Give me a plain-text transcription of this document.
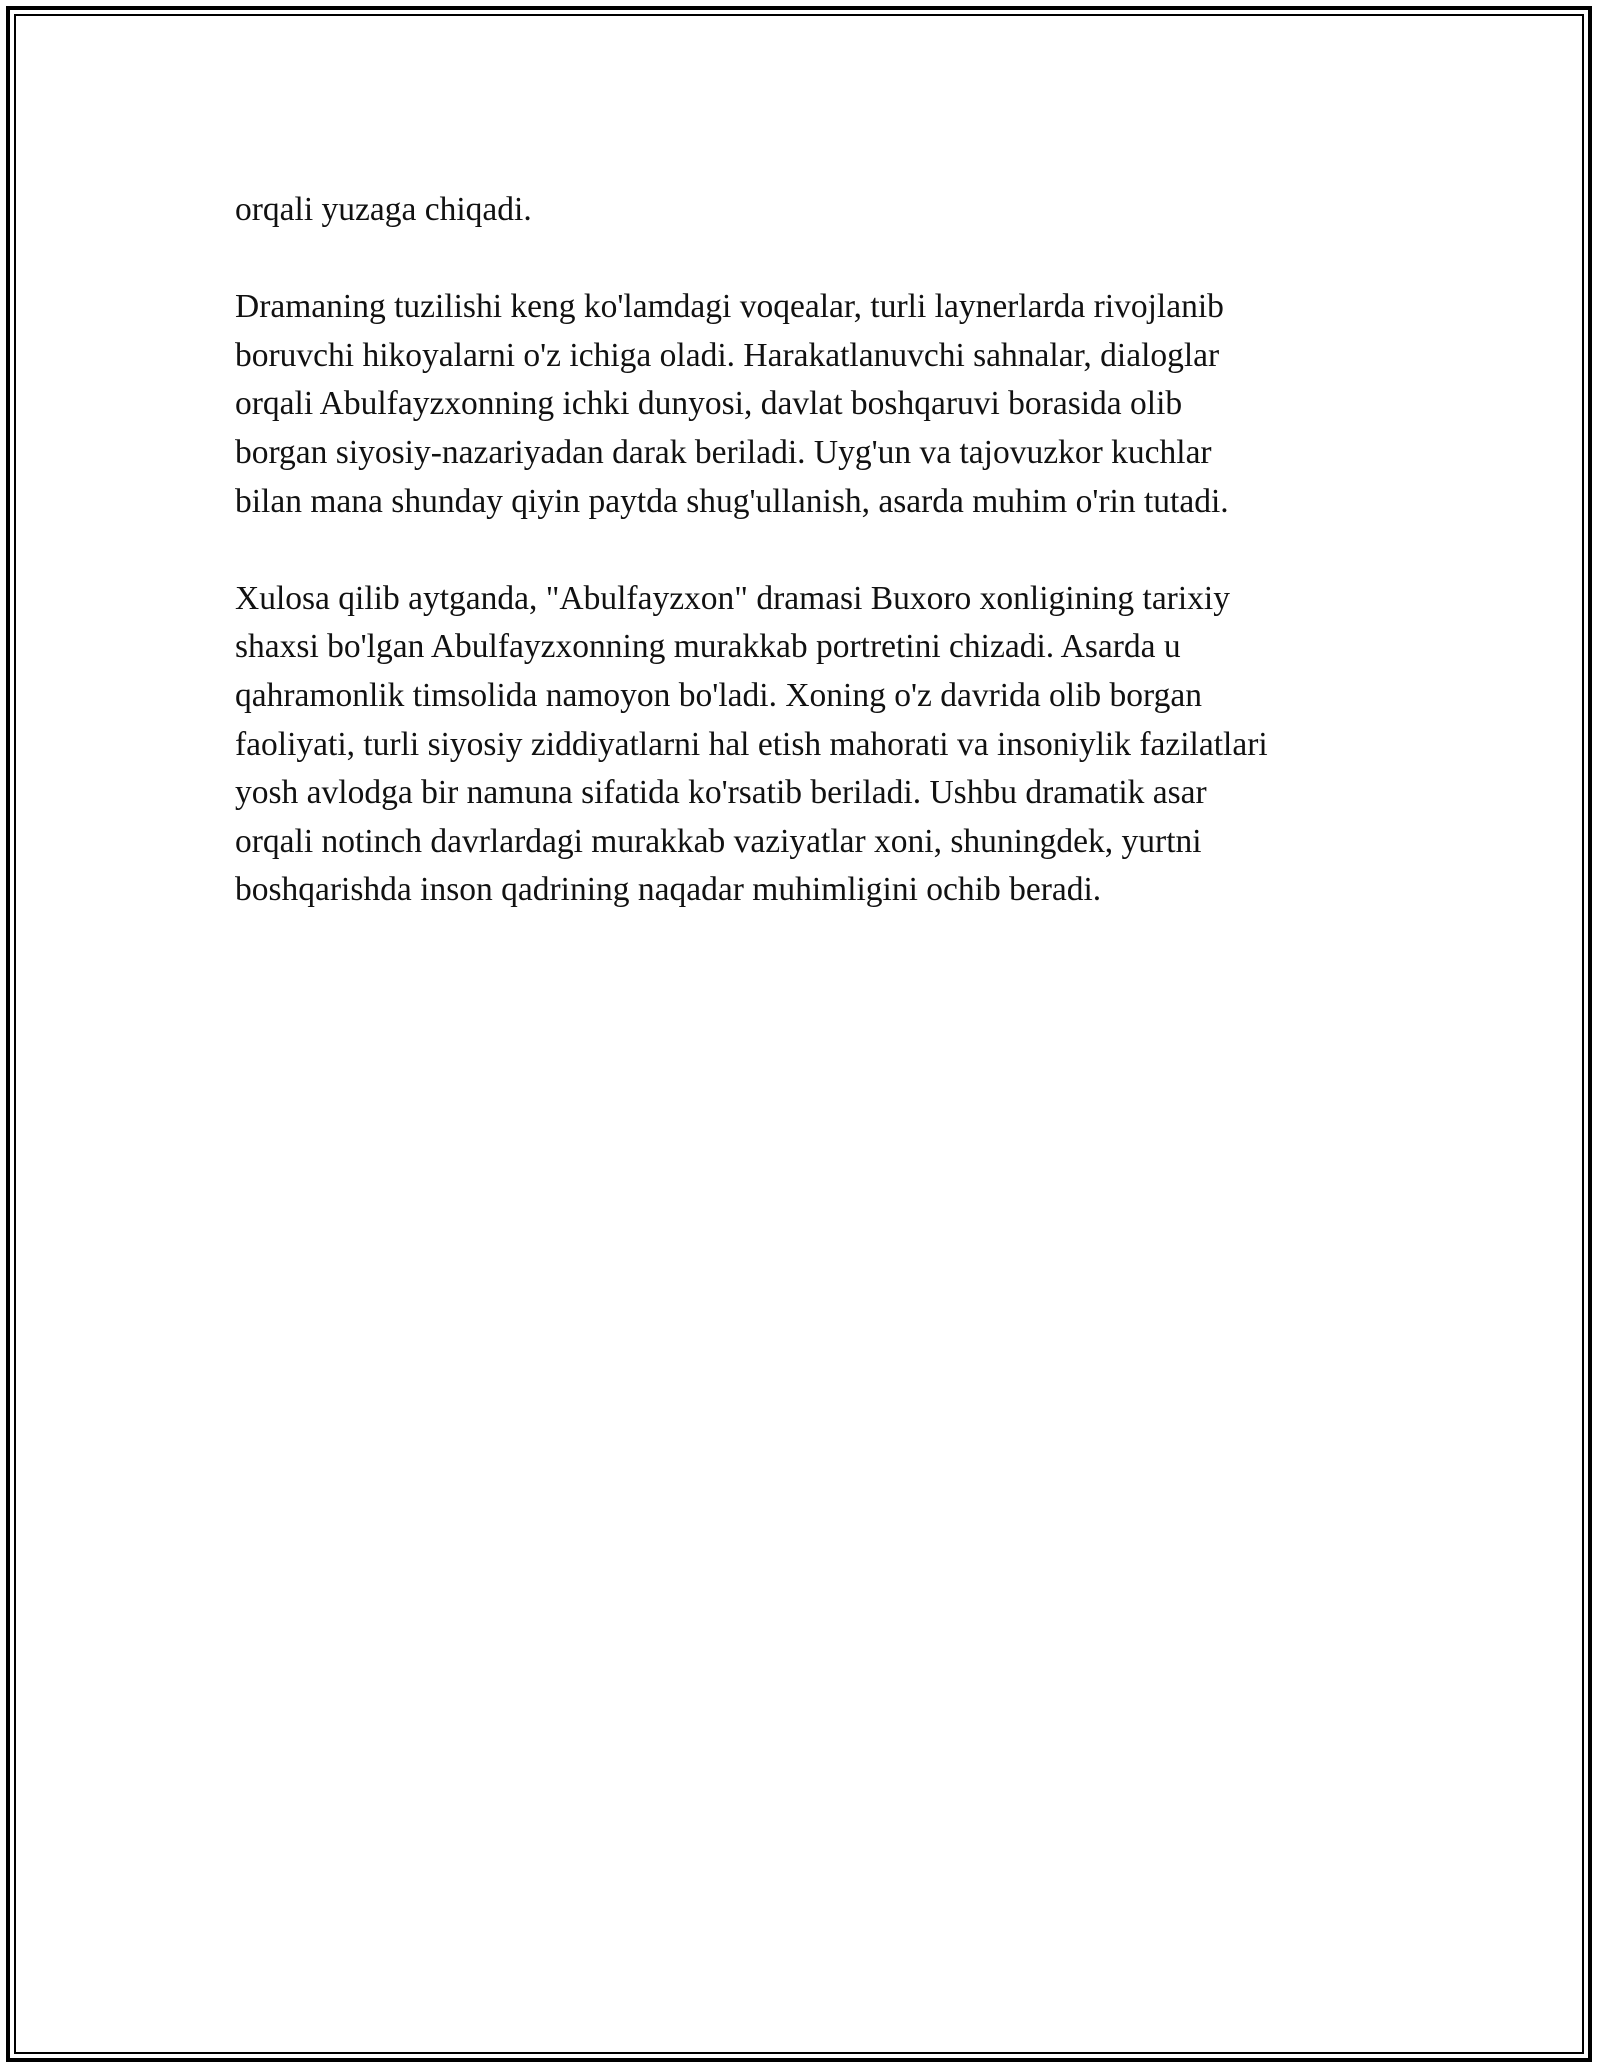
orqali yuzaga chiqadi.
Dramaning tuzilishi keng ko'lamdagi voqealar, turli laynerlarda rivojlanib
boruvchi hikoyalarni o'z ichiga oladi. Harakatlanuvchi sahnalar, dialoglar
orqali Abulfayzxonning ichki dunyosi, davlat boshqaruvi borasida olib
borgan siyosiy-nazariyadan darak beriladi. Uyg'un va tajovuzkor kuchlar
bilan mana shunday qiyin paytda shug'ullanish, asarda muhim o'rin tutadi.
Xulosa qilib aytganda, "Abulfayzxon" dramasi Buxoro xonligining tarixiy
shaxsi bo'lgan Abulfayzxonning murakkab portretini chizadi. Asarda u
qahramonlik timsolida namoyon bo'ladi. Xoning o'z davrida olib borgan
faoliyati, turli siyosiy ziddiyatlarni hal etish mahorati va insoniylik fazilatlari
yosh avlodga bir namuna sifatida ko'rsatib beriladi. Ushbu dramatik asar
orqali notinch davrlardagi murakkab vaziyatlar xoni, shuningdek, yurtni
boshqarishda inson qadrining naqadar muhimligini ochib beradi.
